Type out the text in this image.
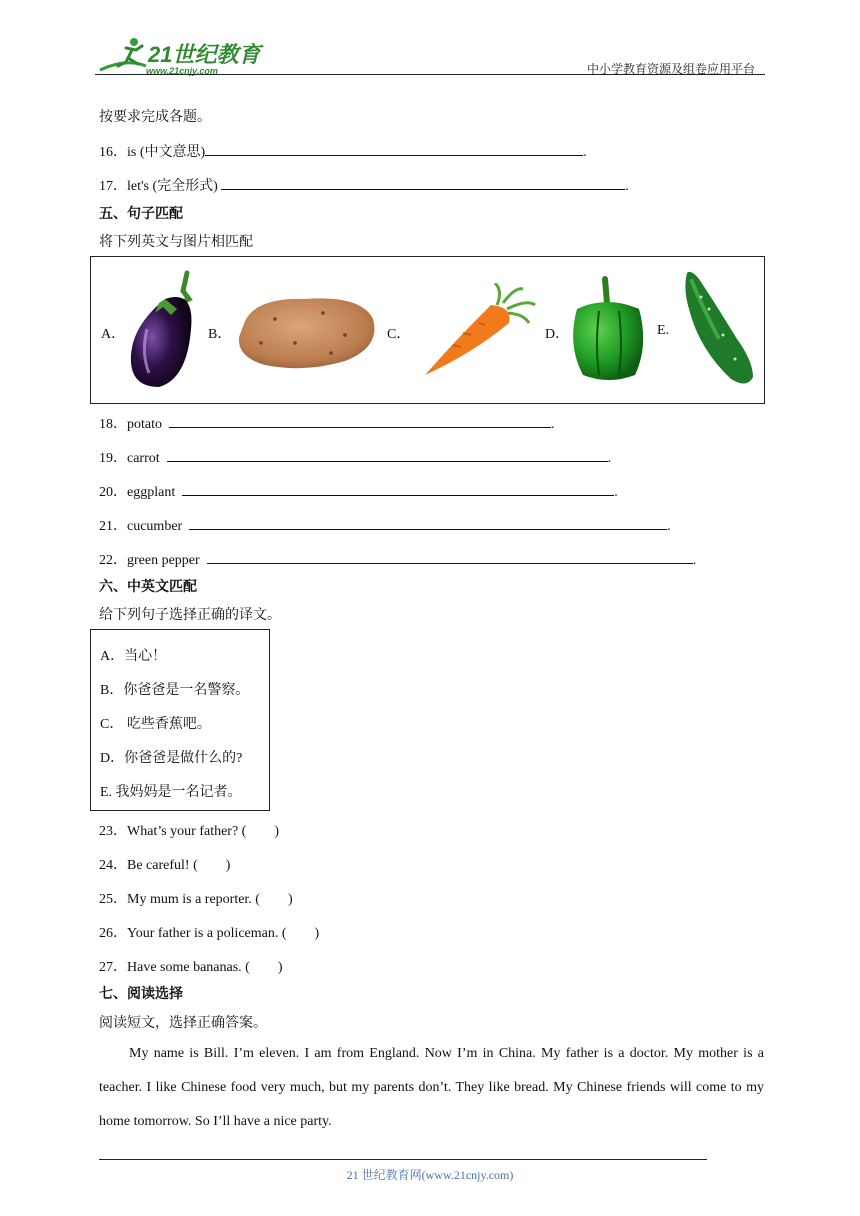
21世纪教育
www.21cnjy.com	中小学教育资源及组卷应用平台
按要求完成各题。
16．is (中文意思)	.
17．let's (完全形式)	.
五、句子匹配
将下列英文与图片相匹配
A．	B．	C．	D．	E.
18．potato	.
19．carrot	.
20．eggplant	.
21．cucumber	.
22．green pepper	.
六、中英文匹配
给下列句子选择正确的译文。
A．当心！
B．你爸爸是一名警察。
C． 吃些香蕉吧。
D．你爸爸是做什么的?
E. 我妈妈是一名记者。
23．What’s your father? (        )
24．Be careful! (        )
25．My mum is a reporter. (        )
26．Your father is a policeman. (        )
27．Have some bananas. (        )
七、阅读选择
阅读短文，选择正确答案。
My name is Bill. I’m eleven. I am from England. Now I’m in China. My father is a doctor. My mother is a teacher. I like Chinese food very much, but my parents don’t. They like bread. My Chinese friends will come to my home tomorrow. So I’ll have a nice party.
21 世纪教育网(www.21cnjy.com)
